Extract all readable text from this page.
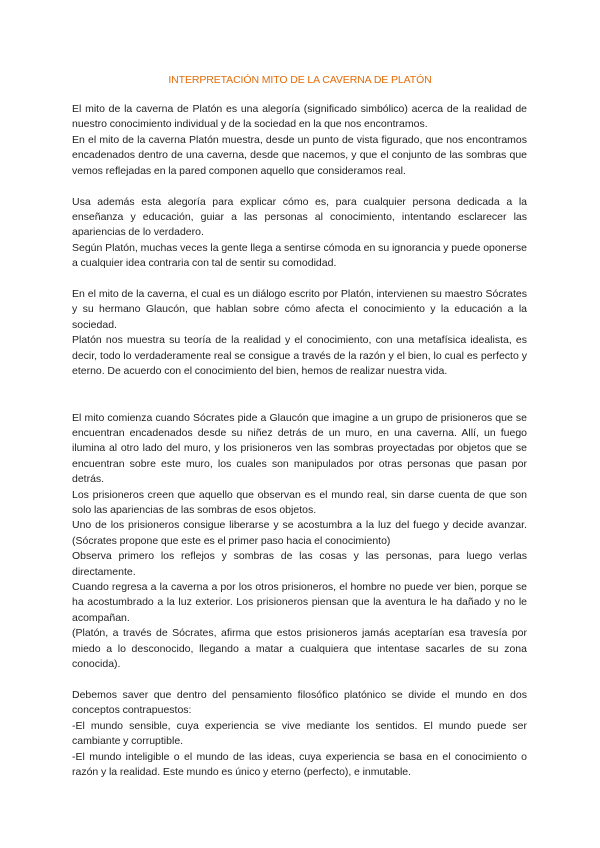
INTERPRETACIÓN MITO DE LA CAVERNA DE PLATÓN

El mito de la caverna de Platón es una alegoría (significado simbólico) acerca de la realidad de nuestro conocimiento individual y de la sociedad en la que nos encontramos.

En el mito de la caverna Platón muestra, desde un punto de vista figurado, que nos encontramos encadenados dentro de una caverna, desde que nacemos, y que el conjunto de las sombras que vemos reflejadas en la pared componen aquello que consideramos real.

Usa además esta alegoría para explicar cómo es, para cualquier persona dedicada a la enseñanza y educación, guiar a las personas al conocimiento, intentando esclarecer las apariencias de lo verdadero.

Según Platón, muchas veces la gente llega a sentirse cómoda en su ignorancia y puede oponerse a cualquier idea contraria con tal de sentir su comodidad.

En el mito de la caverna, el cual es un diálogo escrito por Platón, intervienen su maestro Sócrates y su hermano Glaucón, que hablan sobre cómo afecta el conocimiento y la educación a la sociedad.

Platón nos muestra su teoría de la realidad y el conocimiento, con una metafísica idealista, es decir, todo lo verdaderamente real se consigue a través de la razón y el bien, lo cual es perfecto y eterno. De acuerdo con el conocimiento del bien, hemos de realizar nuestra vida.

El mito comienza cuando Sócrates pide a Glaucón que imagine a un grupo de prisioneros que se encuentran encadenados desde su niñez detrás de un muro, en una caverna. Allí, un fuego ilumina al otro lado del muro, y los prisioneros ven las sombras proyectadas por objetos que se encuentran sobre este muro, los cuales son manipulados por otras personas que pasan por detrás.

Los prisioneros creen que aquello que observan es el mundo real, sin darse cuenta de que son solo las apariencias de las sombras de esos objetos.

Uno de los prisioneros consigue liberarse y se acostumbra a la luz del fuego y decide avanzar. (Sócrates propone que este es el primer paso hacia el conocimiento)

Observa primero los reflejos y sombras de las cosas y las personas, para luego verlas directamente.

Cuando regresa a la caverna a por los otros prisioneros, el hombre no puede ver bien, porque se ha acostumbrado a la luz exterior. Los prisioneros piensan que la aventura le ha dañado y no le acompañan.

(Platón, a través de Sócrates, afirma que estos prisioneros jamás aceptarían esa travesía por miedo a lo desconocido, llegando a matar a cualquiera que intentase sacarles de su zona conocida).

Debemos saver que dentro del pensamiento filosófico platónico se divide el mundo en dos conceptos contrapuestos:

-El mundo sensible, cuya experiencia se vive mediante los sentidos. El mundo puede ser cambiante y corruptible.

-El mundo inteligible o el mundo de las ideas, cuya experiencia se basa en el conocimiento o razón y la realidad. Este mundo es único y eterno (perfecto), e inmutable.
